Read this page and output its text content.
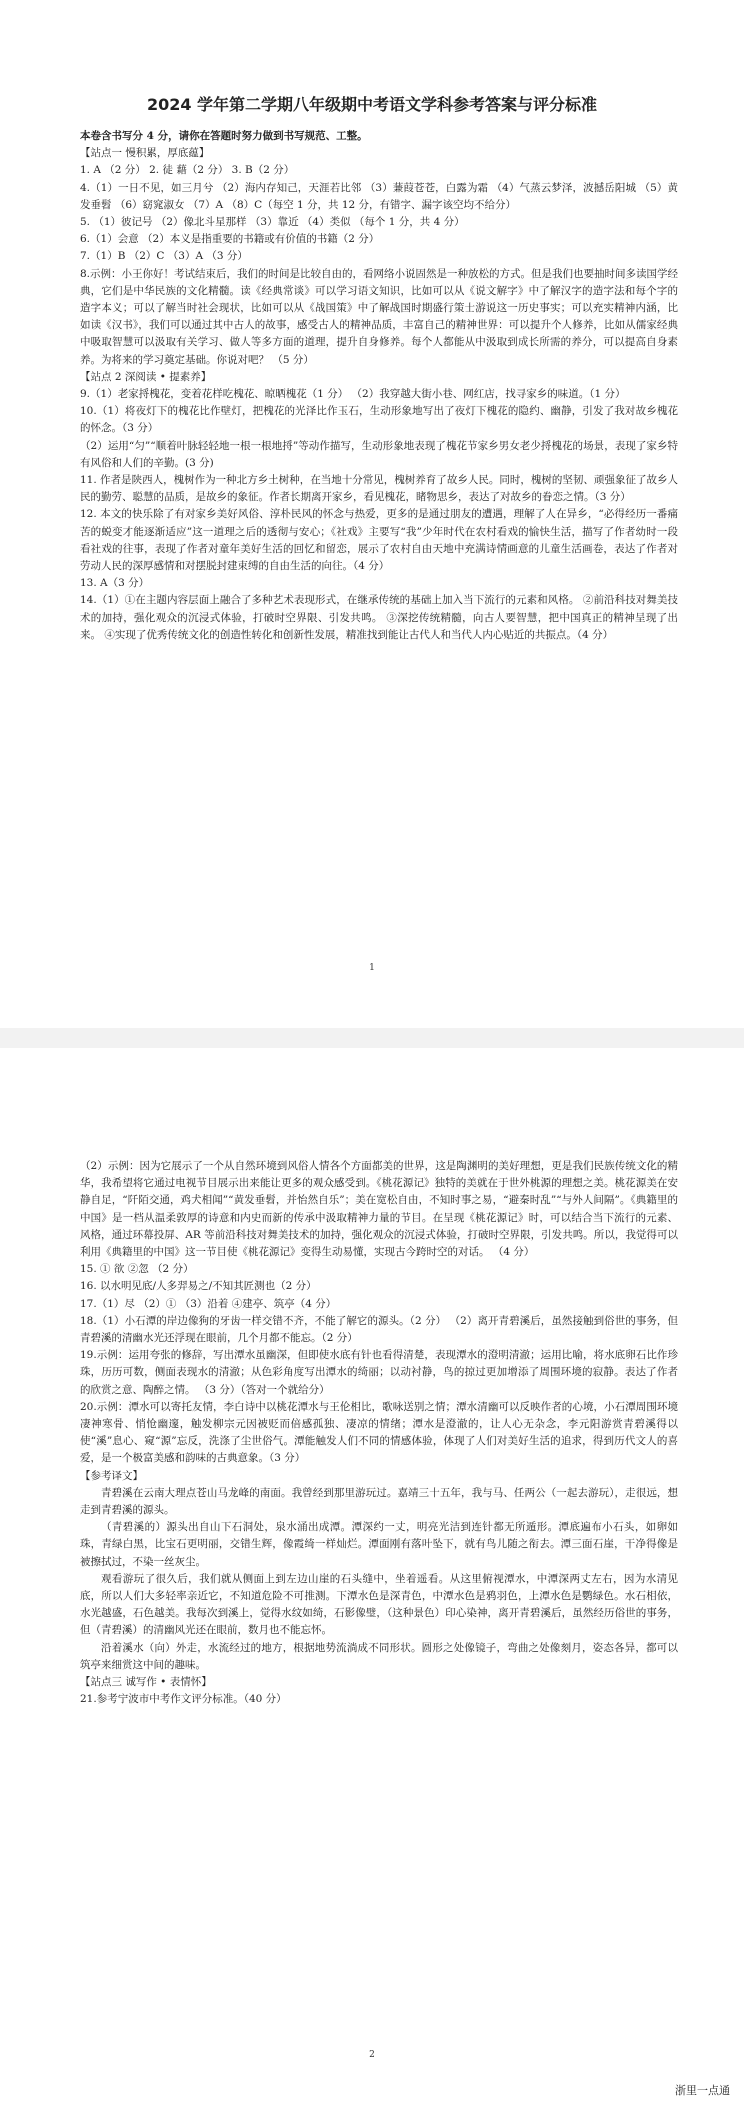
2024 学年第二学期八年级期中考语文学科参考答案与评分标准

本卷含书写分 4 分，请你在答题时努力做到书写规范、工整。

【站点一 慢积累，厚底蕴】

1. A （2 分） 2. 徒 藉（2 分） 3. B（2 分）

4.（1）一日不见，如三月兮 （2）海内存知己，天涯若比邻 （3）蒹葭苍苍，白露为霜 （4）气蒸云梦泽，波撼岳阳城 （5）黄发垂髫 （6）窈窕淑女 （7）A （8）C（每空 1 分，共 12 分，有错字、漏字该空均不给分）

5. （1）彼记号 （2）像北斗星那样 （3）靠近 （4）类似 （每个 1 分，共 4 分）

6.（1）会意 （2）本义是指重要的书籍或有价值的书籍（2 分）

7.（1）B （2）C （3）A （3 分）

8.示例：小王你好！考试结束后，我们的时间是比较自由的，看网络小说固然是一种放松的方式。但是我们也要抽时间多读国学经典，它们是中华民族的文化精髓。读《经典常谈》可以学习语文知识，比如可以从《说文解字》中了解汉字的造字法和每个字的造字本义；可以了解当时社会现状，比如可以从《战国策》中了解战国时期盛行策士游说这一历史事实；可以充实精神内涵，比如读《汉书》，我们可以通过其中古人的故事，感受古人的精神品质，丰富自己的精神世界：可以提升个人修养，比如从儒家经典中吸取智慧可以汲取有关学习、做人等多方面的道理，提升自身修养。每个人都能从中汲取到成长所需的养分，可以提高自身素养。为将来的学习奠定基础。你说对吧？ （5 分）

【站点 2 深阅读 • 提素养】

9.（1）老家捋槐花，变着花样吃槐花、晾晒槐花（1 分） （2）我穿越大街小巷、网红店，找寻家乡的味道。（1 分）

10.（1）将夜灯下的槐花比作壁灯，把槐花的光泽比作玉石，生动形象地写出了夜灯下槐花的隐约、幽静，引发了我对故乡槐花的怀念。（3 分）

（2）运用“匀”“顺着叶脉轻轻地一根一根地捋”等动作描写，生动形象地表现了槐花节家乡男女老少捋槐花的场景，表现了家乡特有风俗和人们的辛勤。(3 分)

11. 作者是陕西人，槐树作为一种北方乡土树种，在当地十分常见，槐树养育了故乡人民。同时，槐树的坚韧、顽强象征了故乡人民的勤劳、聪慧的品质，是故乡的象征。作者长期离开家乡，看见槐花，睹物思乡，表达了对故乡的眷恋之情。（3 分）

12. 本文的快乐除了有对家乡美好风俗、淳朴民风的怀念与热爱，更多的是通过朋友的遭遇，理解了人在异乡，“必得经历一番痛苦的蜕变才能逐渐适应”这一道理之后的透彻与安心；《社戏》主要写“我”少年时代在农村看戏的愉快生活，描写了作者幼时一段看社戏的往事，表现了作者对童年美好生活的回忆和留恋，展示了农村自由天地中充满诗情画意的儿童生活画卷，表达了作者对劳动人民的深厚感情和对摆脱封建束缚的自由生活的向往。（4 分）

13. A（3 分）

14.（1）①在主题内容层面上融合了多种艺术表现形式，在继承传统的基础上加入当下流行的元素和风格。 ②前沿科技对舞美技术的加持，强化观众的沉浸式体验，打破时空界限、引发共鸣。 ③深挖传统精髓，向古人要智慧，把中国真正的精神呈现了出来。 ④实现了优秀传统文化的创造性转化和创新性发展，精准找到能让古代人和当代人内心贴近的共振点。（4 分）

1

（2）示例：因为它展示了一个从自然环境到风俗人情各个方面都美的世界，这是陶渊明的美好理想，更是我们民族传统文化的精华，我希望将它通过电视节目展示出来能让更多的观众感受到。《桃花源记》独特的美就在于世外桃源的理想之美。桃花源美在安静自足，“阡陌交通，鸡犬相闻”“黄发垂髫，并怡然自乐”；美在宽松自由，不知时事之易，“避秦时乱”“与外人间隔”。《典籍里的中国》是一档从温柔敦厚的诗意和内史而新的传承中汲取精神力量的节目。在呈现《桃花源记》时，可以结合当下流行的元素、风格，通过环幕投屏、AR 等前沿科技对舞美技术的加持，强化观众的沉浸式体验，打破时空界限，引发共鸣。所以，我觉得可以利用《典籍里的中国》这一节目使《桃花源记》变得生动易懂，实现古今跨时空的对话。 （4 分）

15. ① 欲 ②忽 （2 分）

16. 以水明见底/人多羿易之/不知其匠测也（2 分）

17.（1）尽 （2）① （3）沿着 ④建亭、筑亭（4 分）

18.（1）小石潭的岸边像狗的牙齿一样交错不齐，不能了解它的源头。（2 分） （2）离开青碧溪后，虽然接触到俗世的事务，但青碧溪的清幽水光还浮现在眼前，几个月都不能忘。（2 分）

19.示例：运用夸张的修辞，写出潭水虽幽深，但即使水底有针也看得清楚，表现潭水的澄明清澈；运用比喻，将水底卵石比作珍珠，历历可数，侧面表现水的清澈；从色彩角度写出潭水的绮丽；以动衬静，鸟的掠过更加增添了周围环境的寂静。表达了作者的欣赏之意、陶醉之情。 （3 分）（答对一个就给分）

20.示例：潭水可以寄托友情，李白诗中以桃花潭水与王伦相比，歌咏送别之情；潭水清幽可以反映作者的心境，小石潭周围环境凄神寒骨、悄怆幽邃，触发柳宗元因被贬而倍感孤独、凄凉的情绪；潭水是澄澈的，让人心无杂念，李元阳游赏青碧溪得以使“溪”息心、窥“源”忘反，洗涤了尘世俗气。潭能触发人们不同的情感体验，体现了人们对美好生活的追求，得到历代文人的喜爱，是一个极富美感和韵味的古典意象。（3 分）

【参考译文】

青碧溪在云南大理点苍山马龙峰的南面。我曾经到那里游玩过。嘉靖三十五年，我与马、任两公（一起去游玩），走很远，想走到青碧溪的源头。

（青碧溪的）源头出自山下石洞处，泉水涌出成潭。潭深约一丈，明亮光洁到连针都无所遁形。潭底遍布小石头，如卵如珠，青绿白黑，比宝石更明丽，交错生辉，像霞绮一样灿烂。潭面刚有落叶坠下，就有鸟儿随之衔去。潭三面石崖，干净得像是被擦拭过，不染一丝灰尘。

观看游玩了很久后，我们就从侧面上到左边山崖的石头缝中，坐着遥看。从这里俯视潭水，中潭深两丈左右，因为水清见底，所以人们大多轻率亲近它，不知道危险不可推测。下潭水色是深青色，中潭水色是鸦羽色，上潭水色是鹦绿色。水石相依，水光越盛，石色越美。我每次到溪上，觉得水纹如绮，石影像璧，（这种景色）印心染神，离开青碧溪后，虽然经历俗世的事务，但（青碧溪）的清幽风光还在眼前，数月也不能忘怀。

沿着溪水（向）外走，水流经过的地方，根据地势流淌成不同形状。圆形之处像镜子，弯曲之处像刻月，姿态各异，都可以筑亭来细赏这中间的趣味。

【站点三 诚写作 • 表情怀】

21.参考宁波市中考作文评分标准。（40 分）

2
浙里一点通
